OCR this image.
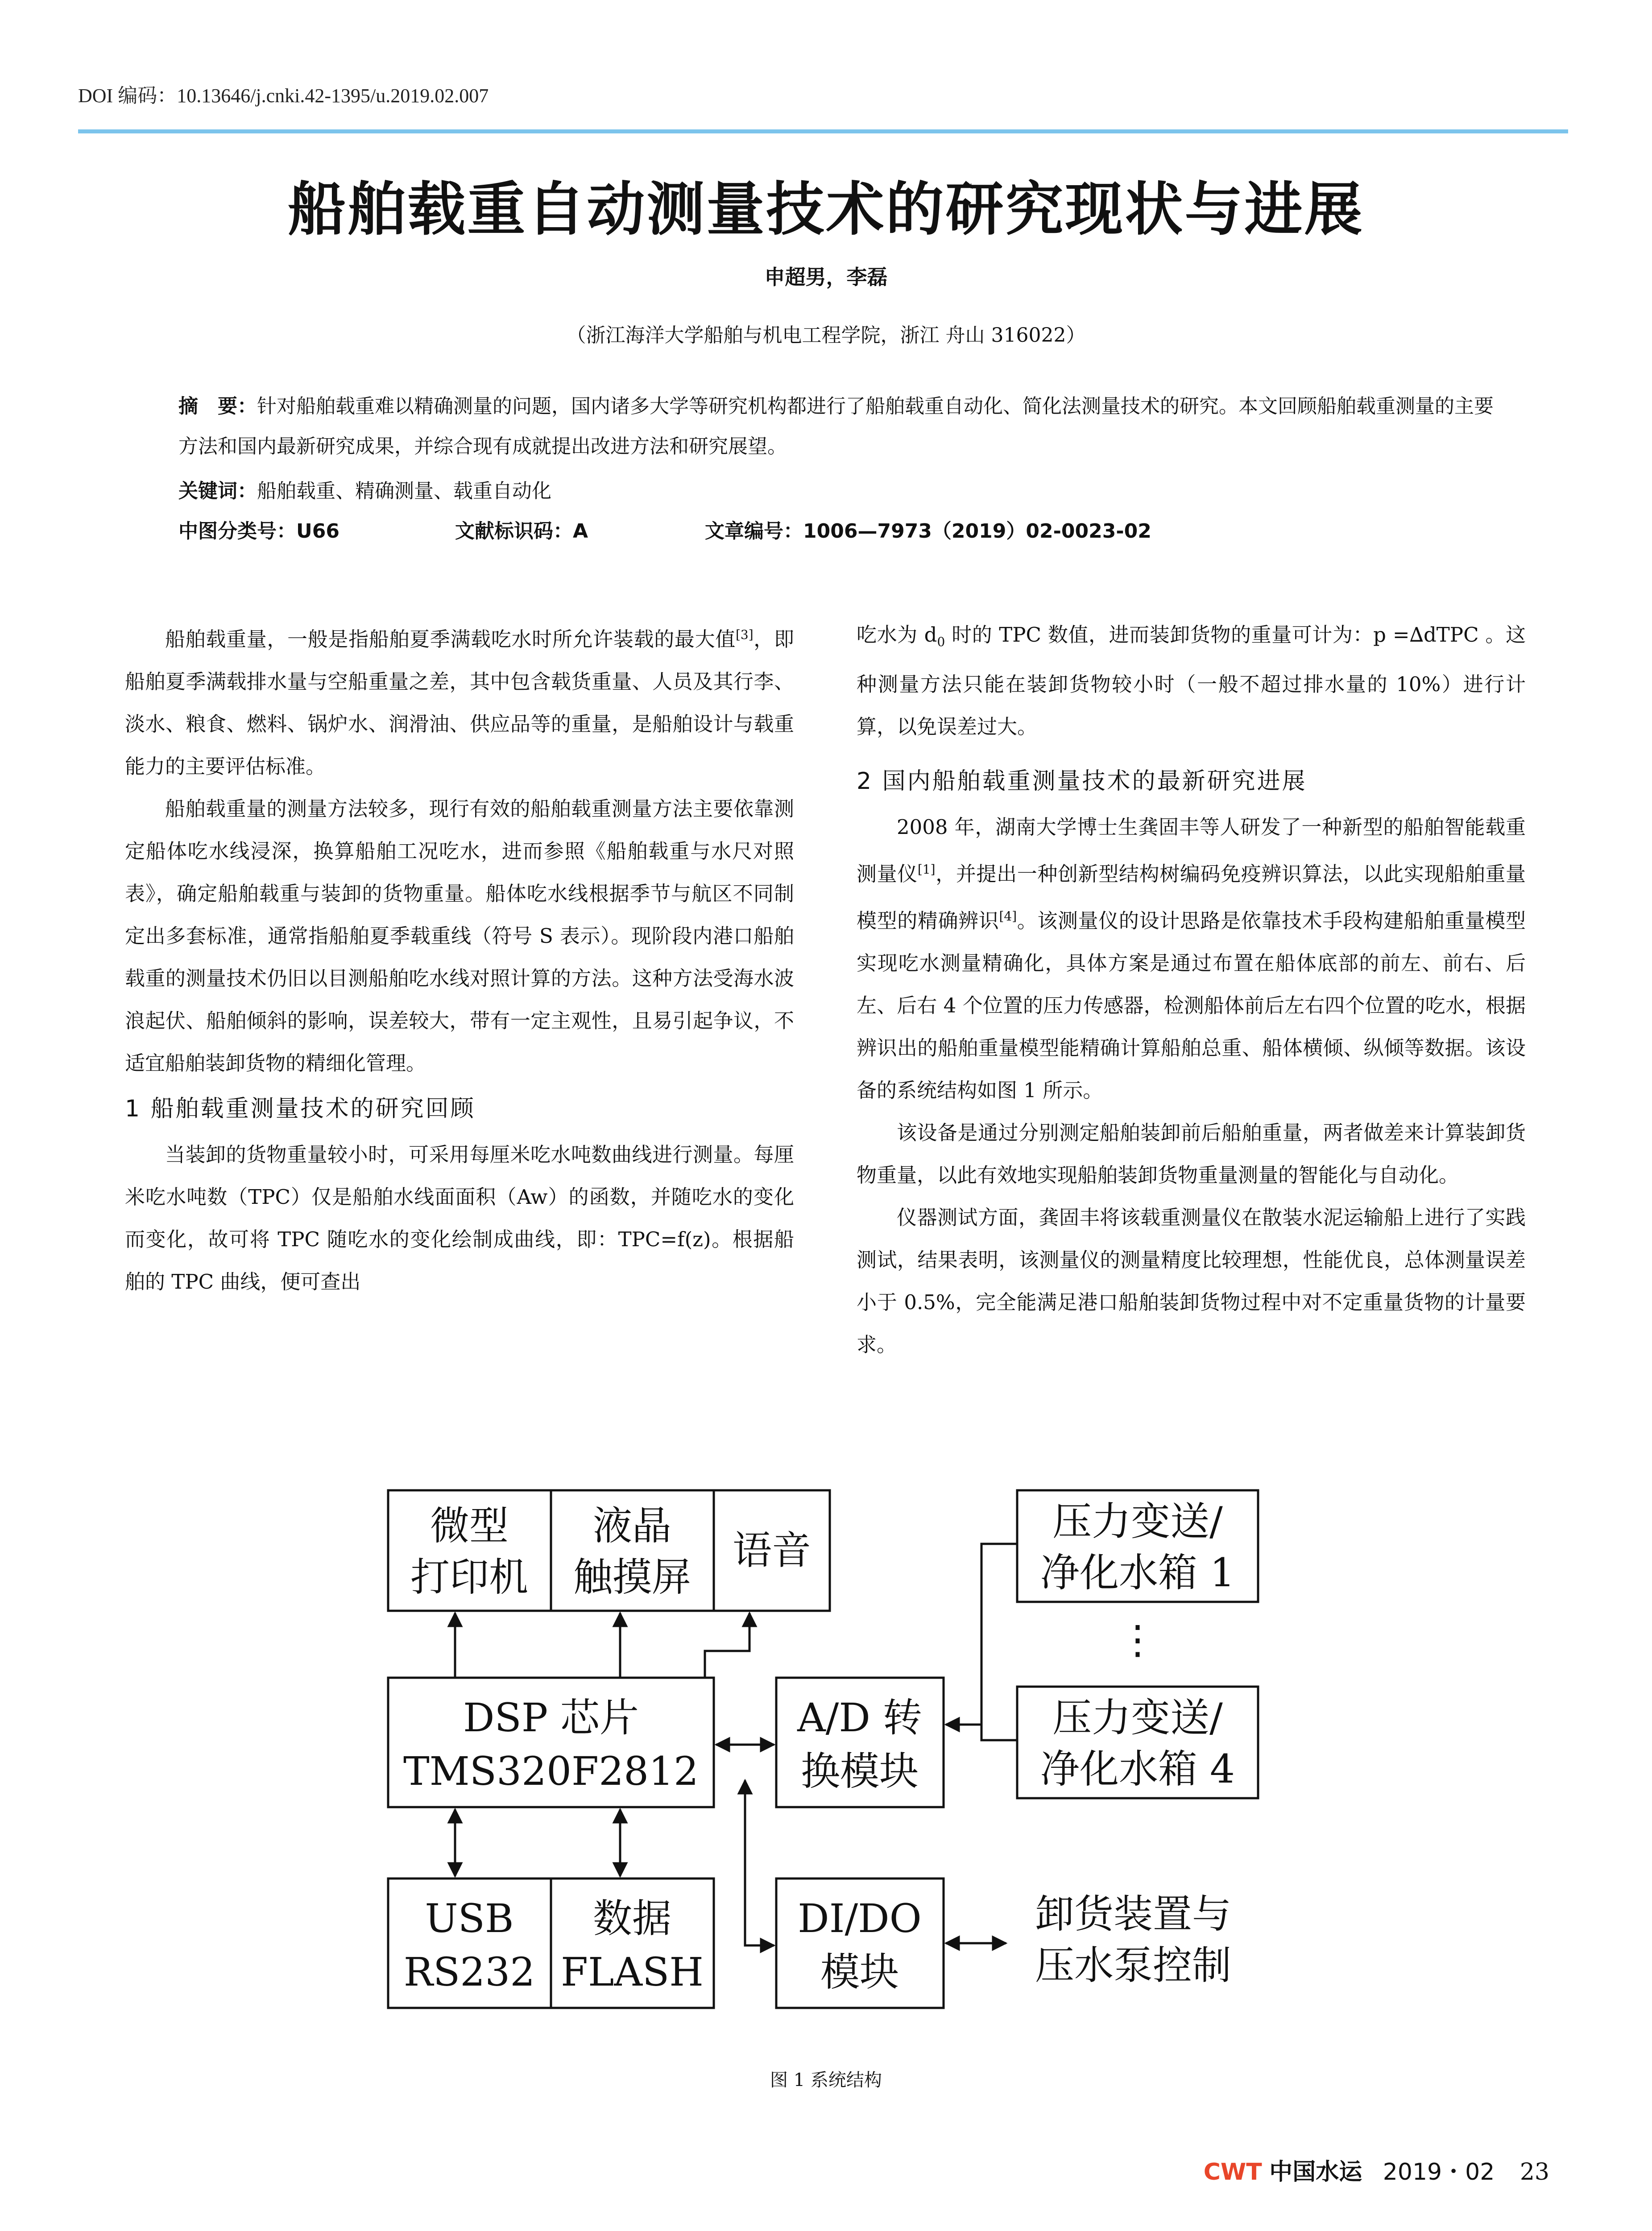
DOI 编码：10.13646/j.cnki.42-1395/u.2019.02.007
船舶载重自动测量技术的研究现状与进展
申超男，李磊
（浙江海洋大学船舶与机电工程学院，浙江 舟山 316022）
摘　要：针对船舶载重难以精确测量的问题，国内诸多大学等研究机构都进行了船舶载重自动化、简化法测量技术的研究。本文回顾船舶载重测量的主要方法和国内最新研究成果，并综合现有成就提出改进方法和研究展望。
关键词：船舶载重、精确测量、载重自动化
中图分类号：U66	文献标识码：A	文章编号：1006—7973（2019）02-0023-02

船舶载重量，一般是指船舶夏季满载吃水时所允许装载的最大值[3]，即船舶夏季满载排水量与空船重量之差，其中包含载货重量、人员及其行李、淡水、粮食、燃料、锅炉水、润滑油、供应品等的重量，是船舶设计与载重能力的主要评估标准。

船舶载重量的测量方法较多，现行有效的船舶载重测量方法主要依靠测定船体吃水线浸深，换算船舶工况吃水，进而参照《船舶载重与水尺对照表》，确定船舶载重与装卸的货物重量。船体吃水线根据季节与航区不同制定出多套标准，通常指船舶夏季载重线（符号 S 表示）。现阶段内港口船舶载重的测量技术仍旧以目测船舶吃水线对照计算的方法。这种方法受海水波浪起伏、船舶倾斜的影响，误差较大，带有一定主观性，且易引起争议，不适宜船舶装卸货物的精细化管理。

1 船舶载重测量技术的研究回顾

当装卸的货物重量较小时，可采用每厘米吃水吨数曲线进行测量。每厘米吃水吨数（TPC）仅是船舶水线面面积（Aw）的函数，并随吃水的变化而变化，故可将 TPC 随吃水的变化绘制成曲线，即：TPC=f(z)。根据船舶的 TPC 曲线，便可查出

吃水为 $d_0$ 时的 TPC 数值，进而装卸货物的重量可计为：p =∆dTPC 。这种测量方法只能在装卸货物较小时（一般不超过排水量的 10%）进行计算，以免误差过大。

2 国内船舶载重测量技术的最新研究进展

2008 年，湖南大学博士生龚固丰等人研发了一种新型的船舶智能载重测量仪[1]，并提出一种创新型结构树编码免疫辨识算法，以此实现船舶重量模型的精确辨识[4]。该测量仪的设计思路是依靠技术手段构建船舶重量模型实现吃水测量精确化，具体方案是通过布置在船体底部的前左、前右、后左、后右 4 个位置的压力传感器，检测船体前后左右四个位置的吃水，根据辨识出的船舶重量模型能精确计算船舶总重、船体横倾、纵倾等数据。该设备的系统结构如图 1 所示。

该设备是通过分别测定船舶装卸前后船舶重量，两者做差来计算装卸货物重量，以此有效地实现船舶装卸货物重量测量的智能化与自动化。

仪器测试方面，龚固丰将该载重测量仪在散装水泥运输船上进行了实践测试，结果表明，该测量仪的测量精度比较理想，性能优良，总体测量误差小于 0.5%，完全能满足港口船舶装卸货物过程中对不定重量货物的计量要求。

微型
打印机
液晶
触摸屏
语音
DSP 芯片
TMS320F2812
A/D 转
换模块
压力变送/
净化水箱 1
⋮
压力变送/
净化水箱 4
USB
RS232
数据
FLASH
DI/DO
模块
卸货装置与
压水泵控制
图 1 系统结构
CWT 中国水运 2019・02 23
